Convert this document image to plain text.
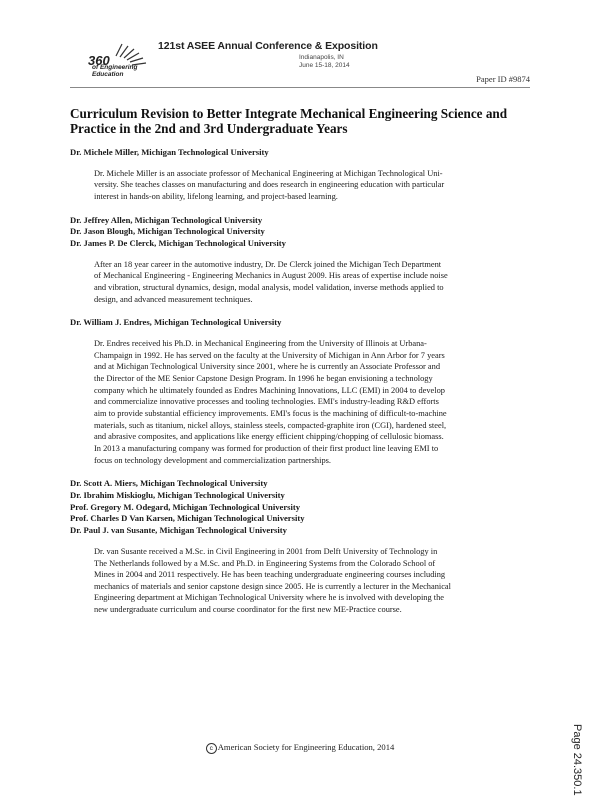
360
of Engineering Education
121st ASEE Annual Conference & Exposition
Indianapolis, IN
June 15-18, 2014
Paper ID #9874
Curriculum Revision to Better Integrate Mechanical Engineering Science and Practice in the 2nd and 3rd Undergraduate Years
Dr. Michele Miller, Michigan Technological University
Dr. Michele Miller is an associate professor of Mechanical Engineering at Michigan Technological Uni-
versity. She teaches classes on manufacturing and does research in engineering education with particular
interest in hands-on ability, lifelong learning, and project-based learning.
Dr. Jeffrey Allen, Michigan Technological University
Dr. Jason Blough, Michigan Technological University
Dr. James P. De Clerck, Michigan Technological University
After an 18 year career in the automotive industry, Dr. De Clerck joined the Michigan Tech Department
of Mechanical Engineering - Engineering Mechanics in August 2009. His areas of expertise include noise
and vibration, structural dynamics, design, modal analysis, model validation, inverse methods applied to
design, and advanced measurement techniques.
Dr. William J. Endres, Michigan Technological University
Dr. Endres received his Ph.D. in Mechanical Engineering from the University of Illinois at Urbana-
Champaign in 1992. He has served on the faculty at the University of Michigan in Ann Arbor for 7 years
and at Michigan Technological University since 2001, where he is currently an Associate Professor and
the Director of the ME Senior Capstone Design Program. In 1996 he began envisioning a technology
company which he ultimately founded as Endres Machining Innovations, LLC (EMI) in 2004 to develop
and commercialize innovative processes and tooling technologies. EMI's industry-leading R&D efforts
aim to provide substantial efficiency improvements. EMI's focus is the machining of difficult-to-machine
materials, such as titanium, nickel alloys, stainless steels, compacted-graphite iron (CGI), hardened steel,
and abrasive composites, and applications like energy efficient chipping/chopping of cellulosic biomass.
In 2013 a manufacturing company was formed for production of their first product line leaving EMI to
focus on technology development and commercialization partnerships.
Dr. Scott A. Miers, Michigan Technological University
Dr. Ibrahim Miskioglu, Michigan Technological University
Prof. Gregory M. Odegard, Michigan Technological University
Prof. Charles D Van Karsen, Michigan Technological University
Dr. Paul J. van Susante, Michigan Technological University
Dr. van Susante received a M.Sc. in Civil Engineering in 2001 from Delft University of Technology in
The Netherlands followed by a M.Sc. and Ph.D. in Engineering Systems from the Colorado School of
Mines in 2004 and 2011 respectively. He has been teaching undergraduate engineering courses including
mechanics of materials and senior capstone design since 2005. He is currently a lecturer in the Mechanical
Engineering department at Michigan Technological University where he is involved with developing the
new undergraduate curriculum and course coordinator for the first new ME-Practice course.
c American Society for Engineering Education, 2014	Page 24.350.1
